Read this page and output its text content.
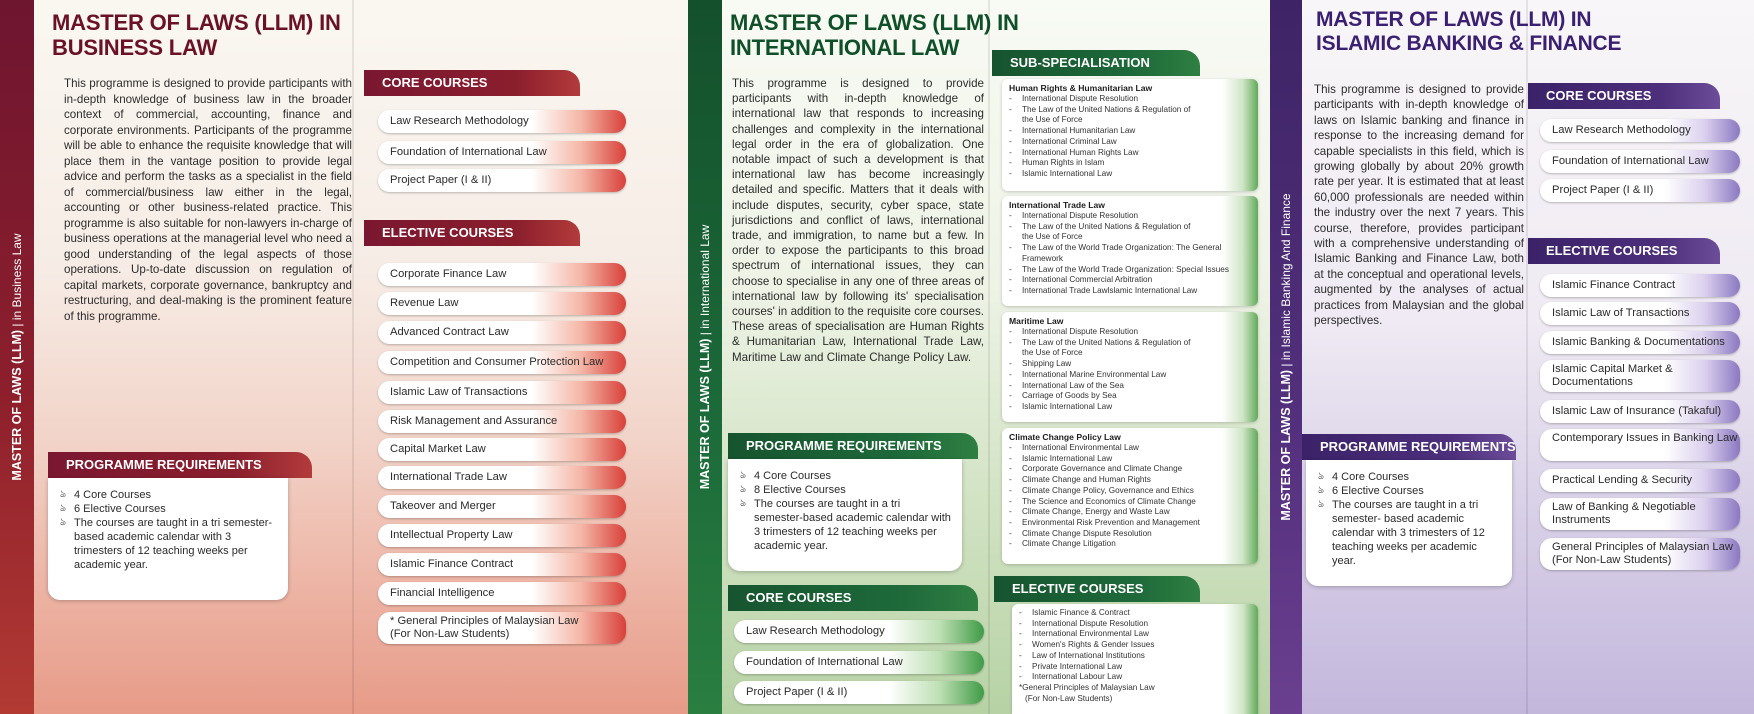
MASTER OF LAWS (LLM) | in Business Law
MASTER OF LAWS (LLM) IN
BUSINESS LAW
This programme is designed to provide participants with in-depth knowledge of business law in the broader context of commercial, accounting, finance and corporate environments. Participants of the programme will be able to enhance the requisite knowledge that will place them in the vantage position to provide legal advice and perform the tasks as a specialist in the field of commercial/business law either in the legal, accounting or other business-related practice. This programme is also suitable for non-lawyers in-charge of business operations at the managerial level who need a good understanding of the legal aspects of those operations. Up-to-date discussion on regulation of capital markets, corporate governance, bankruptcy and restructuring, and deal-making is the prominent feature of this programme.
PROGRAMME REQUIREMENTS
ঌ 4 Core Courses
ঌ 6 Elective Courses
ঌ The courses are taught in a tri semester-based academic calendar with 3 trimesters of 12 teaching weeks per academic year.
CORE COURSES
Law Research Methodology
Foundation of International Law
Project Paper (I & II)
ELECTIVE COURSES
Corporate Finance Law
Revenue Law
Advanced Contract Law
Competition and Consumer Protection Law
Islamic Law of Transactions
Risk Management and Assurance
Capital Market Law
International Trade Law
Intellectual Property Law
Takeover and Merger
Islamic Finance Contract
Financial Intelligence
* General Principles of Malaysian Law
(For Non-Law Students)
MASTER OF LAWS (LLM) | in International Law
MASTER OF LAWS (LLM) IN
INTERNATIONAL LAW
This programme is designed to provide participants with in-depth knowledge of international law that responds to increasing challenges and complexity in the international legal order in the era of globalization. One notable impact of such a development is that international law has become increasingly detailed and specific. Matters that it deals with include disputes, security, cyber space, state jurisdictions and conflict of laws, international trade, and immigration, to name but a few. In order to expose the participants to this broad spectrum of international issues, they can choose to specialise in any one of three areas of international law by following its' specialisation courses' in addition to the requisite core courses. These areas of specialisation are Human Rights & Humanitarian Law, International Trade Law, Maritime Law and Climate Change Policy Law.
PROGRAMME REQUIREMENTS
ঌ 4 Core Courses
ঌ 8 Elective Courses
ঌ The courses are taught in a tri semester-based academic calendar with 3 trimesters of 12 teaching weeks per academic year.
CORE COURSES
Law Research Methodology
Foundation of International Law
Project Paper (I & II)
SUB-SPECIALISATION
Human Rights & Humanitarian Law
- International Dispute Resolution
- The Law of the United Nations & Regulation of
the Use of Force
- International Humanitarian Law
- International Criminal Law
- International Human Rights Law
- Human Rights in Islam
- Islamic International Law
International Trade Law
- International Dispute Resolution
- The Law of the United Nations & Regulation of
the Use of Force
- The Law of the World Trade Organization: The General
Framework
- The Law of the World Trade Organization: Special Issues
- International Commercial Arbitration
- International Trade Lawlslamic International Law
Maritime Law
- International Dispute Resolution
- The Law of the United Nations & Regulation of
the Use of Force
- Shipping Law
- International Marine Environmental Law
- International Law of the Sea
- Carriage of Goods by Sea
- Islamic International Law
Climate Change Policy Law
- International Environmental Law
- Islamic International Law
- Corporate Governance and Climate Change
- Climate Change and Human Rights
- Climate Change Policy, Governance and Ethics
- The Science and Economics of Climate Change
- Climate Change, Energy and Waste Law
- Environmental Risk Prevention and Management
- Climate Change Dispute Resolution
- Climate Change Litigation
ELECTIVE COURSES
- Islamic Finance & Contract
- International Dispute Resolution
- International Environmental Law
- Women's Rights & Gender Issues
- Law of International Institutions
- Private International Law
- International Labour Law
*General Principles of Malaysian Law
(For Non-Law Students)
MASTER OF LAWS (LLM) | in Islamic Banking And Finance
MASTER OF LAWS (LLM) IN
ISLAMIC BANKING & FINANCE
This programme is designed to provide participants with in-depth knowledge of laws on Islamic banking and finance in response to the increasing demand for capable specialists in this field, which is growing globally by about 20% growth rate per year. It is estimated that at least 60,000 professionals are needed within the industry over the next 7 years. This course, therefore, provides participant with a comprehensive understanding of Islamic Banking and Finance Law, both at the conceptual and operational levels, augmented by the analyses of actual practices from Malaysian and the global perspectives.
PROGRAMME REQUIREMENTS
ঌ 4 Core Courses
ঌ 6 Elective Courses
ঌ The courses are taught in a tri semester- based academic calendar with 3 trimesters of 12 teaching weeks per academic year.
CORE COURSES
Law Research Methodology
Foundation of International Law
Project Paper (I & II)
ELECTIVE COURSES
Islamic Finance Contract
Islamic Law of Transactions
Islamic Banking & Documentations
Islamic Capital Market & Documentations
Islamic Law of Insurance (Takaful)
Contemporary Issues in Banking Law
Practical Lending & Security
Law of Banking & Negotiable Instruments
General Principles of Malaysian Law (For Non-Law Students)
